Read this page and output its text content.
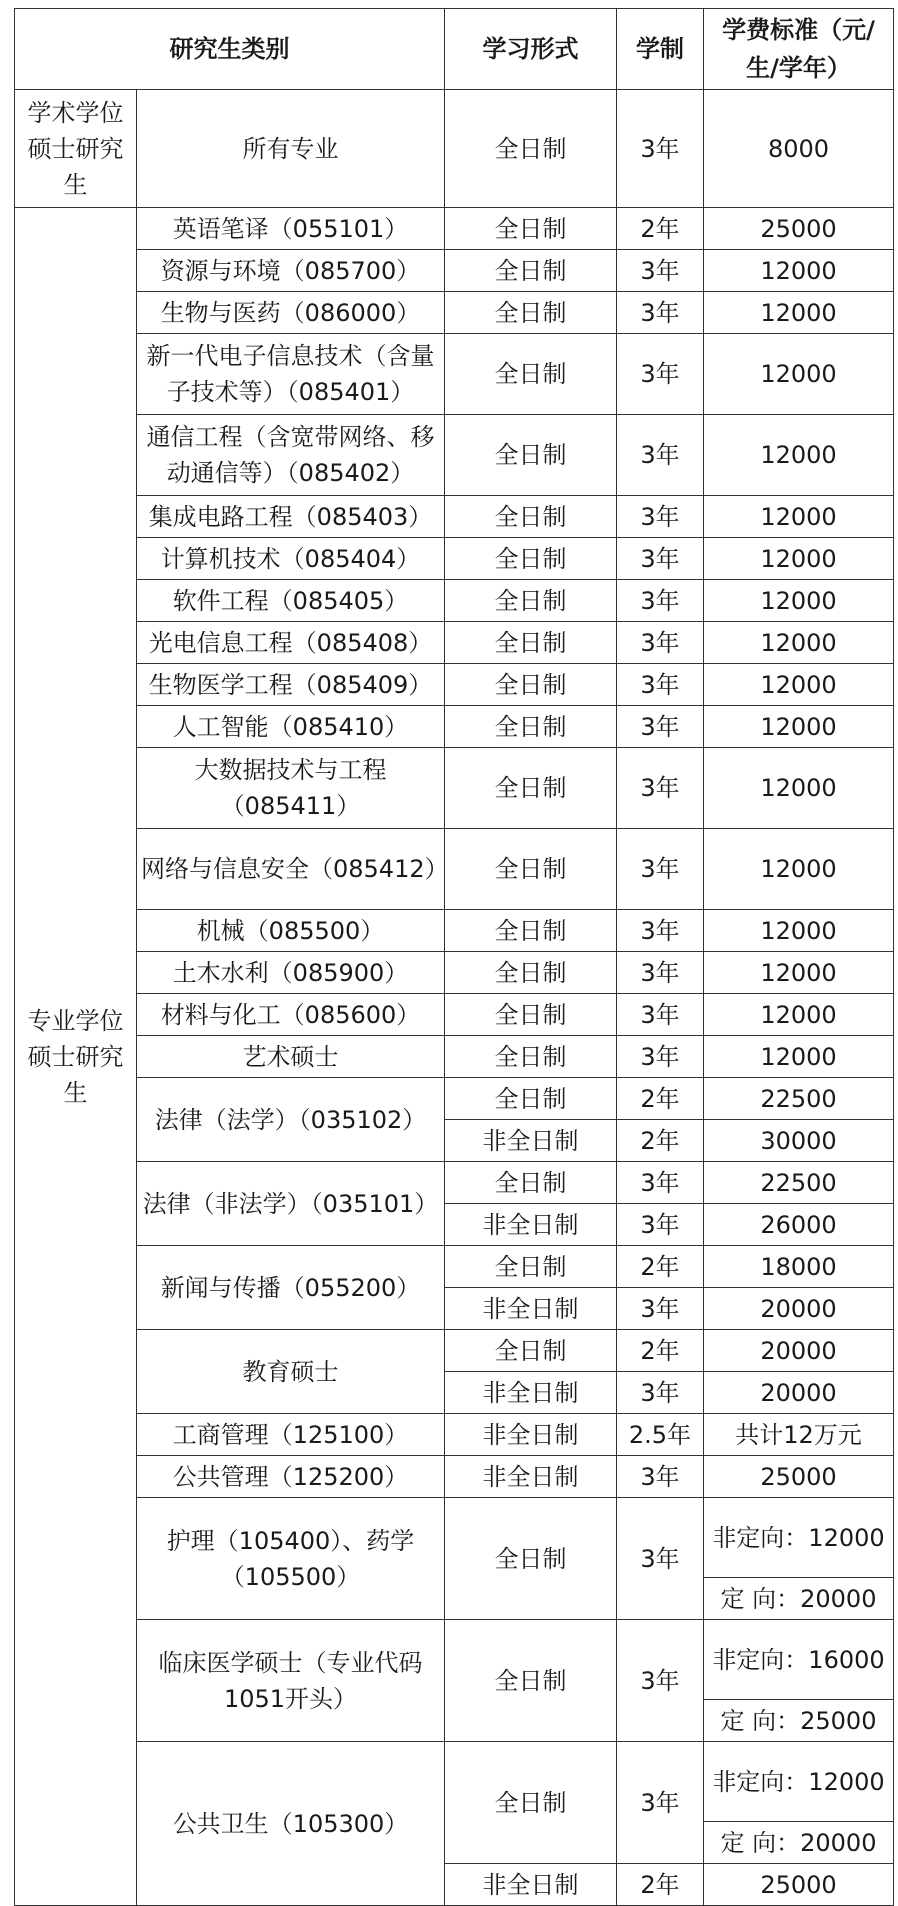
研究生类别		学习形式	学制	学费标准（元/生/学年）
学术学位硕士研究生	所有专业	全日制	3年	8000
专业学位硕士研究生	英语笔译（055101）	全日制	2年	25000
	资源与环境（085700）	全日制	3年	12000
	生物与医药（086000）	全日制	3年	12000
	新一代电子信息技术（含量子技术等）（085401）	全日制	3年	12000
	通信工程（含宽带网络、移动通信等）（085402）	全日制	3年	12000
	集成电路工程（085403）	全日制	3年	12000
	计算机技术（085404）	全日制	3年	12000
	软件工程（085405）	全日制	3年	12000
	光电信息工程（085408）	全日制	3年	12000
	生物医学工程（085409）	全日制	3年	12000
	人工智能（085410）	全日制	3年	12000
	大数据技术与工程（085411）	全日制	3年	12000
	网络与信息安全（085412）	全日制	3年	12000
	机械（085500）	全日制	3年	12000
	土木水利（085900）	全日制	3年	12000
	材料与化工（085600）	全日制	3年	12000
	艺术硕士	全日制	3年	12000
	法律（法学）（035102）	全日制	2年	22500
		非全日制	2年	30000
	法律（非法学）（035101）	全日制	3年	22500
		非全日制	3年	26000
	新闻与传播（055200）	全日制	2年	18000
		非全日制	3年	20000
	教育硕士	全日制	2年	20000
		非全日制	3年	20000
	工商管理（125100）	非全日制	2.5年	共计12万元
	公共管理（125200）	非全日制	3年	25000
	护理（105400）、药学（105500）	全日制	3年	非定向：12000
				定 向：20000
	临床医学硕士（专业代码1051开头）	全日制	3年	非定向：16000
				定 向：25000
	公共卫生（105300）	全日制	3年	非定向：12000
				定 向：20000
		非全日制	2年	25000
